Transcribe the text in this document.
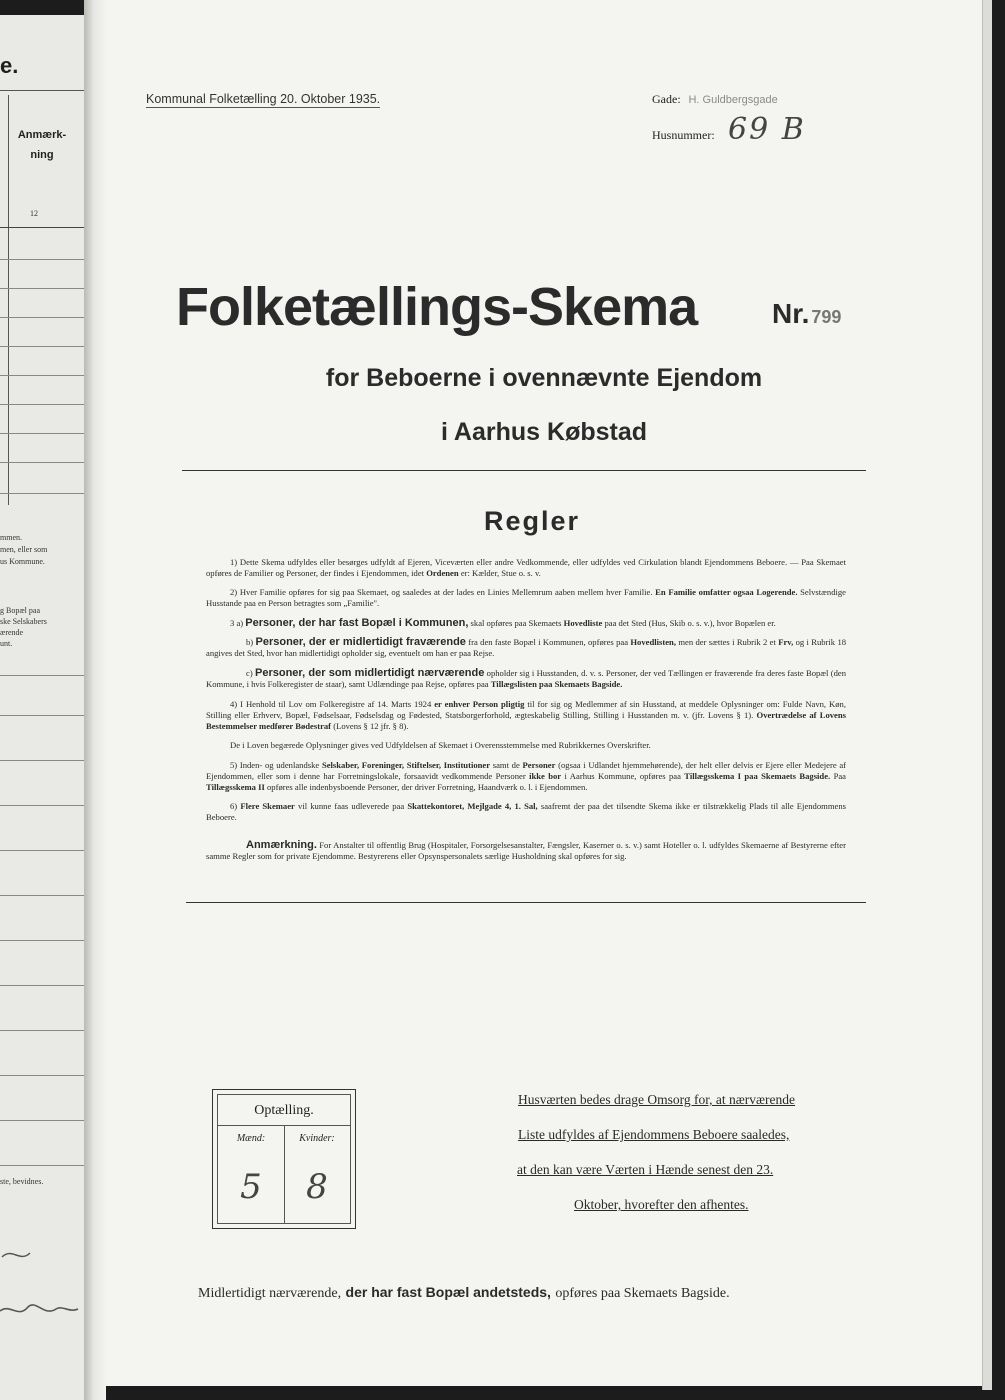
e.
Anmærk-
ning
12
mmen.
men, eller som
us Kommune.
g Bopæl paa
ske Selskabers
ærende
unt.
ste, bevidnes.
Kommunal Folketælling 20. Oktober 1935.	Gade: H. Guldbergsgade
Husnummer: 69 B
Folketællings-Skema	Nr. 799
for Beboerne i ovennævnte Ejendom
i Aarhus Købstad
Regler

1) Dette Skema udfyldes eller besørges udfyldt af Ejeren, Viceværten eller andre Vedkommende, eller udfyldes ved Cirkulation blandt Ejendommens Beboere. — Paa Skemaet opføres de Familier og Personer, der findes i Ejendommen, idet Ordenen er: Kælder, Stue o. s. v.

2) Hver Familie opføres for sig paa Skemaet, og saaledes at der lades en Linies Mellemrum aaben mellem hver Familie. En Familie omfatter ogsaa Logerende. Selvstændige Husstande paa en Person betragtes som „Familie".

3 a) Personer, der har fast Bopæl i Kommunen, skal opføres paa Skemaets Hovedliste paa det Sted (Hus, Skib o. s. v.), hvor Bopælen er.

b) Personer, der er midlertidigt fraværende fra den faste Bopæl i Kommunen, opføres paa Hovedlisten, men der sættes i Rubrik 2 et Frv, og i Rubrik 18 angives det Sted, hvor han midlertidigt opholder sig, eventuelt om han er paa Rejse.

c) Personer, der som midlertidigt nærværende opholder sig i Husstanden, d. v. s. Personer, der ved Tællingen er fraværende fra deres faste Bopæl (den Kommune, i hvis Folkeregister de staar), samt Udlændinge paa Rejse, opføres paa Tillægslisten paa Skemaets Bagside.

4) I Henhold til Lov om Folkeregistre af 14. Marts 1924 er enhver Person pligtig til for sig og Medlemmer af sin Husstand, at meddele Oplysninger om: Fulde Navn, Køn, Stilling eller Erhverv, Bopæl, Fødselsaar, Fødselsdag og Fødested, Statsborgerforhold, ægteskabelig Stilling, Stilling i Husstanden m. v. (jfr. Lovens § 1). Overtrædelse af Lovens Bestemmelser medfører Bødestraf (Lovens § 12 jfr. § 8).

De i Loven begærede Oplysninger gives ved Udfyldelsen af Skemaet i Overensstemmelse med Rubrikkernes Overskrifter.

5) Inden- og udenlandske Selskaber, Foreninger, Stiftelser, Institutioner samt de Personer (ogsaa i Udlandet hjemmehørende), der helt eller delvis er Ejere eller Medejere af Ejendommen, eller som i denne har Forretningslokale, forsaavidt vedkommende Personer ikke bor i Aarhus Kommune, opføres paa Tillægsskema I paa Skemaets Bagside. Paa Tillægsskema II opføres alle indenbysboende Personer, der driver Forretning, Haandværk o. l. i Ejendommen.

6) Flere Skemaer vil kunne faas udleverede paa Skattekontoret, Mejlgade 4, 1. Sal, saafremt der paa det tilsendte Skema ikke er tilstrækkelig Plads til alle Ejendommens Beboere.

Anmærkning. For Anstalter til offentlig Brug (Hospitaler, Forsorgelsesanstalter, Fængsler, Kaserner o. s. v.) samt Hoteller o. l. udfyldes Skemaerne af Bestyrerne efter samme Regler som for private Ejendomme. Bestyrerens eller Opsynspersonalets særlige Husholdning skal opføres for sig.

Optælling.
Mænd:	Kvinder:
5	8
Husværten bedes drage Omsorg for, at nærværende
Liste udfyldes af Ejendommens Beboere saaledes,
at den kan være Værten i Hænde senest den 23.
Oktober, hvorefter den afhentes.
Midlertidigt nærværende, der har fast Bopæl andetsteds, opføres paa Skemaets Bagside.
